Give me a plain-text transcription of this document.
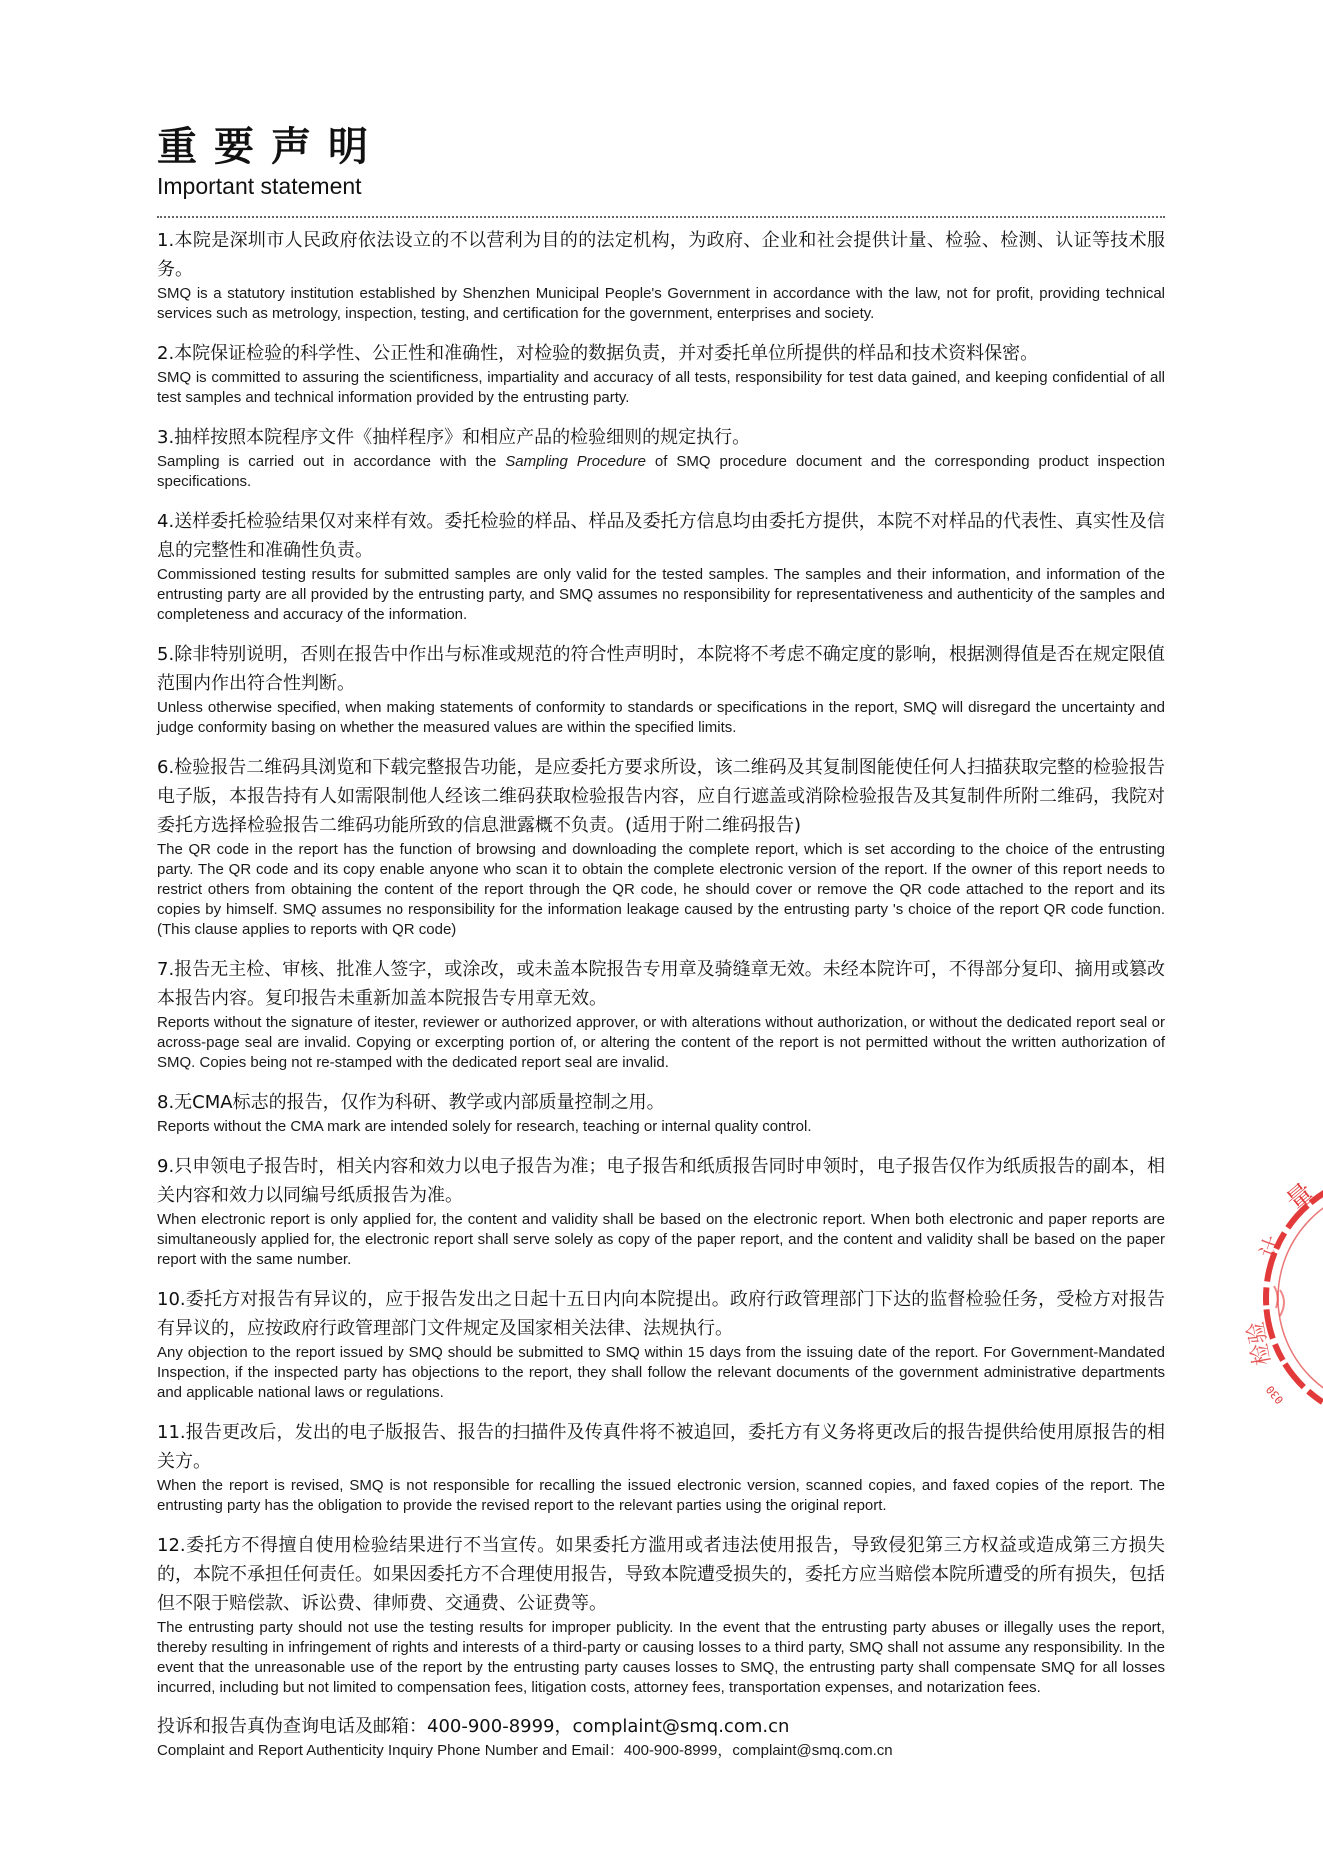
重要声明
Important statement
1.本院是深圳市人民政府依法设立的不以营利为目的的法定机构，为政府、企业和社会提供计量、检验、检测、认证等技术服务。
SMQ is a statutory institution established by Shenzhen Municipal People's Government in accordance with the law, not for profit, providing technical services such as metrology, inspection, testing, and certification for the government, enterprises and society.
2.本院保证检验的科学性、公正性和准确性，对检验的数据负责，并对委托单位所提供的样品和技术资料保密。
SMQ is committed to assuring the scientificness, impartiality and accuracy of all tests, responsibility for test data gained, and keeping confidential of all test samples and technical information provided by the entrusting party.
3.抽样按照本院程序文件《抽样程序》和相应产品的检验细则的规定执行。
Sampling is carried out in accordance with the Sampling Procedure of SMQ procedure document and the corresponding product inspection specifications.
4.送样委托检验结果仅对来样有效。委托检验的样品、样品及委托方信息均由委托方提供，本院不对样品的代表性、真实性及信息的完整性和准确性负责。
Commissioned testing results for submitted samples are only valid for the tested samples. The samples and their information, and information of the entrusting party are all provided by the entrusting party, and SMQ assumes no responsibility for representativeness and authenticity of the samples and completeness and accuracy of the information.
5.除非特别说明，否则在报告中作出与标准或规范的符合性声明时，本院将不考虑不确定度的影响，根据测得值是否在规定限值范围内作出符合性判断。
Unless otherwise specified, when making statements of conformity to standards or specifications in the report, SMQ will disregard the uncertainty and judge conformity basing on whether the measured values are within the specified limits.
6.检验报告二维码具浏览和下载完整报告功能，是应委托方要求所设，该二维码及其复制图能使任何人扫描获取完整的检验报告电子版，本报告持有人如需限制他人经该二维码获取检验报告内容，应自行遮盖或消除检验报告及其复制件所附二维码，我院对委托方选择检验报告二维码功能所致的信息泄露概不负责。(适用于附二维码报告)
The QR code in the report has the function of browsing and downloading the complete report, which is set according to the choice of the entrusting party. The QR code and its copy enable anyone who scan it to obtain the complete electronic version of the report. If the owner of this report needs to restrict others from obtaining the content of the report through the QR code, he should cover or remove the QR code attached to the report and its copies by himself. SMQ assumes no responsibility for the information leakage caused by the entrusting party 's choice of the report QR code function. (This clause applies to reports with QR code)
7.报告无主检、审核、批准人签字，或涂改，或未盖本院报告专用章及骑缝章无效。未经本院许可，不得部分复印、摘用或篡改本报告内容。复印报告未重新加盖本院报告专用章无效。
Reports without the signature of itester, reviewer or authorized approver, or with alterations without authorization, or without the dedicated report seal or across-page seal are invalid. Copying or excerpting portion of, or altering the content of the report is not permitted without the written authorization of SMQ. Copies being not re-stamped with the dedicated report seal are invalid.
8.无CMA标志的报告，仅作为科研、教学或内部质量控制之用。
Reports without the CMA mark are intended solely for research, teaching or internal quality control.
9.只申领电子报告时，相关内容和效力以电子报告为准；电子报告和纸质报告同时申领时，电子报告仅作为纸质报告的副本，相关内容和效力以同编号纸质报告为准。
When electronic report is only applied for, the content and validity shall be based on the electronic report. When both electronic and paper reports are simultaneously applied for, the electronic report shall serve solely as copy of the paper report, and the content and validity shall be based on the paper report with the same number.
10.委托方对报告有异议的，应于报告发出之日起十五日内向本院提出。政府行政管理部门下达的监督检验任务，受检方对报告有异议的，应按政府行政管理部门文件规定及国家相关法律、法规执行。
Any objection to the report issued by SMQ should be submitted to SMQ within 15 days from the issuing date of the report. For Government-Mandated Inspection, if the inspected party has objections to the report, they shall follow the relevant documents of the government administrative departments and applicable national laws or regulations.
11.报告更改后，发出的电子版报告、报告的扫描件及传真件将不被追回，委托方有义务将更改后的报告提供给使用原报告的相关方。
When the report is revised, SMQ is not responsible for recalling the issued electronic version, scanned copies, and faxed copies of the report. The entrusting party has the obligation to provide the revised report to the relevant parties using the original report.
12.委托方不得擅自使用检验结果进行不当宣传。如果委托方滥用或者违法使用报告，导致侵犯第三方权益或造成第三方损失的，本院不承担任何责任。如果因委托方不合理使用报告，导致本院遭受损失的，委托方应当赔偿本院所遭受的所有损失，包括但不限于赔偿款、诉讼费、律师费、交通费、公证费等。
The entrusting party should not use the testing results for improper publicity. In the event that the entrusting party abuses or illegally uses the report, thereby resulting in infringement of rights and interests of a third-party or causing losses to a third party, SMQ shall not assume any responsibility. In the event that the unreasonable use of the report by the entrusting party causes losses to SMQ, the entrusting party shall compensate SMQ for all losses incurred, including but not limited to compensation fees, litigation costs, attorney fees, transportation expenses, and notarization fees.
投诉和报告真伪查询电话及邮箱：400-900-8999，complaint@smq.com.cn
Complaint and Report Authenticity Inquiry Phone Number and Email：400-900-8999，complaint@smq.com.cn
量
计
检验
030
